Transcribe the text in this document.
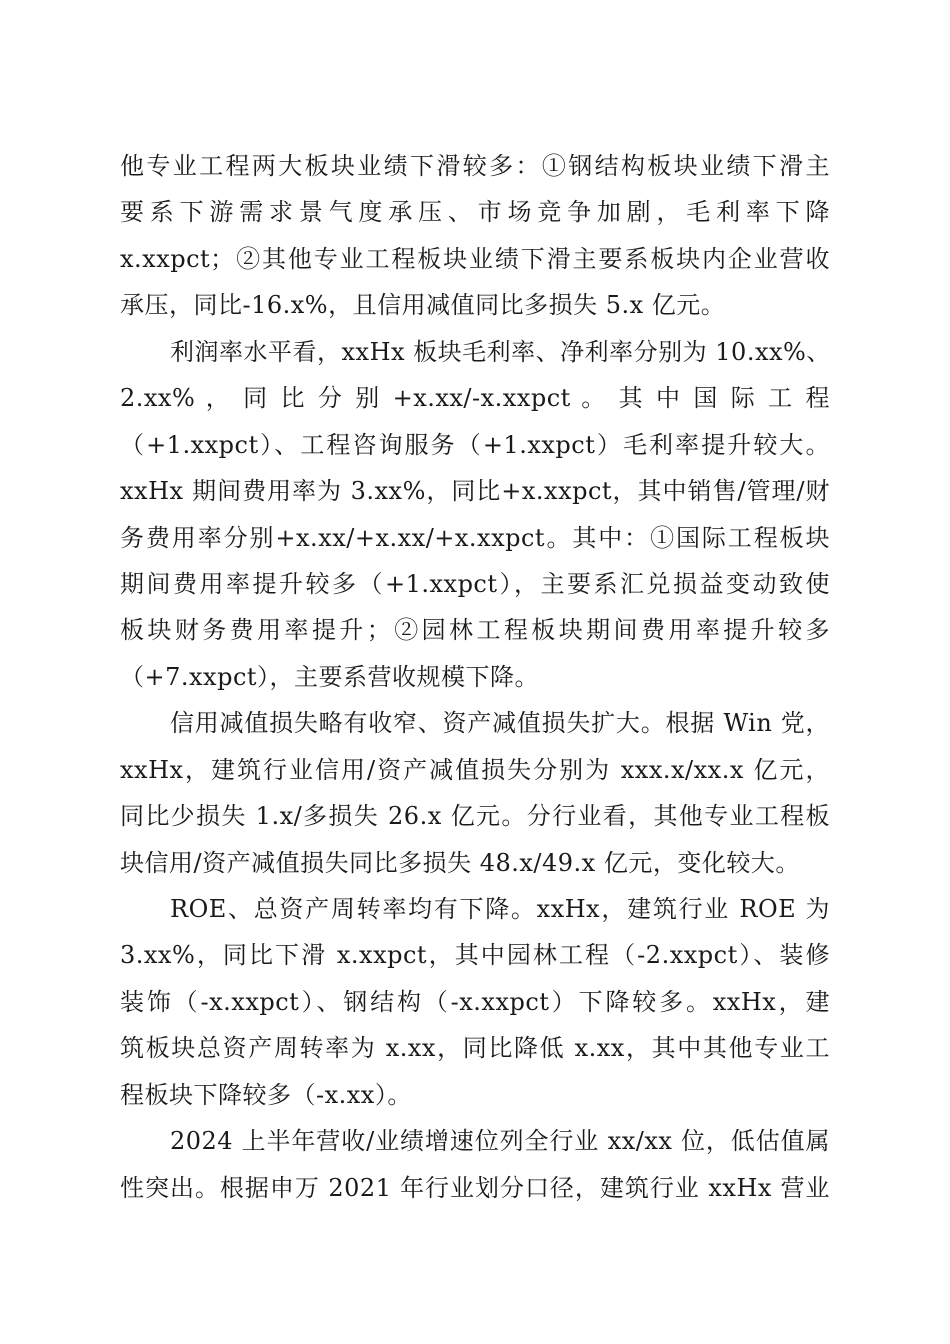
他专业工程两大板块业绩下滑较多：①钢结构板块业绩下滑主
要系下游需求景气度承压、市场竞争加剧，毛利率下降
x.xxpct；②其他专业工程板块业绩下滑主要系板块内企业营收
承压，同比-16.x%，且信用减值同比多损失 5.x 亿元。
利润率水平看，xxHx 板块毛利率、净利率分别为 10.xx%、
2.xx% ， 同 比 分 别 +x.xx/-x.xxpct 。 其 中 国 际 工 程
（+1.xxpct）、工程咨询服务（+1.xxpct）毛利率提升较大。
xxHx 期间费用率为 3.xx%，同比+x.xxpct，其中销售/管理/财
务费用率分别+x.xx/+x.xx/+x.xxpct。其中：①国际工程板块
期间费用率提升较多（+1.xxpct），主要系汇兑损益变动致使
板块财务费用率提升；②园林工程板块期间费用率提升较多
（+7.xxpct），主要系营收规模下降。
信用减值损失略有收窄、资产减值损失扩大。根据 Win 党，
xxHx，建筑行业信用/资产减值损失分别为 xxx.x/xx.x 亿元，
同比少损失 1.x/多损失 26.x 亿元。分行业看，其他专业工程板
块信用/资产减值损失同比多损失 48.x/49.x 亿元，变化较大。
ROE、总资产周转率均有下降。xxHx，建筑行业 ROE 为
3.xx%，同比下滑 x.xxpct，其中园林工程（-2.xxpct）、装修
装饰（-x.xxpct）、钢结构（-x.xxpct）下降较多。xxHx，建
筑板块总资产周转率为 x.xx，同比降低 x.xx，其中其他专业工
程板块下降较多（-x.xx）。
2024 上半年营收/业绩增速位列全行业 xx/xx 位，低估值属
性突出。根据申万 2021 年行业划分口径，建筑行业 xxHx 营业
